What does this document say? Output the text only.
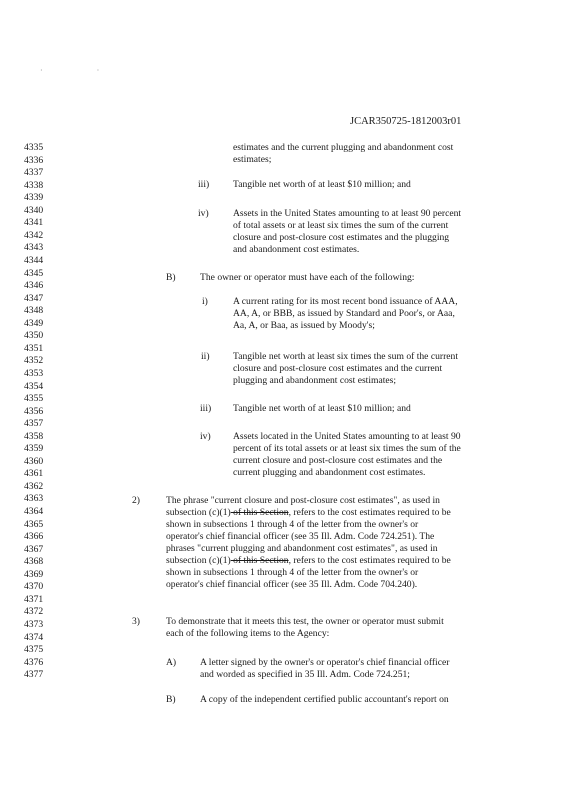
· ·
JCAR350725-1812003r01
4335
4336
4337
4338
4339
4340
4341
4342
4343
4344
4345
4346
4347
4348
4349
4350
4351
4352
4353
4354
4355
4356
4357
4358
4359
4360
4361
4362
4363
4364
4365
4366
4367
4368
4369
4370
4371
4372
4373
4374
4375
4376
4377
estimates and the current plugging and abandonment cost
estimates;
iii) Tangible net worth of at least $10 million; and
iv)	Assets in the United States amounting to at least 90 percent
of total assets or at least six times the sum of the current
closure and post-closure cost estimates and the plugging
and abandonment cost estimates.
B)	The owner or operator must have each of the following:
i)	A current rating for its most recent bond issuance of AAA,
AA, A, or BBB, as issued by Standard and Poor's, or Aaa,
Aa, A, or Baa, as issued by Moody's;
ii) Tangible net worth at least six times the sum of the current
closure and post-closure cost estimates and the current
plugging and abandonment cost estimates;
iii) Tangible net worth of at least $10 million; and
iv) Assets located in the United States amounting to at least 90
percent of its total assets or at least six times the sum of the
current closure and post-closure cost estimates and the
current plugging and abandonment cost estimates.
2)	The phrase "current closure and post-closure cost estimates", as used in
subsection (c)(1) of this Section, refers to the cost estimates required to be
shown in subsections 1 through 4 of the letter from the owner's or
operator's chief financial officer (see 35 Ill. Adm. Code 724.251). The
phrases "current plugging and abandonment cost estimates", as used in
subsection (c)(1) of this Section, refers to the cost estimates required to be
shown in subsections 1 through 4 of the letter from the owner's or
operator's chief financial officer (see 35 Ill. Adm. Code 704.240).
3)	To demonstrate that it meets this test, the owner or operator must submit
each of the following items to the Agency:
A) A letter signed by the owner's or operator's chief financial officer
and worded as specified in 35 Ill. Adm. Code 724.251;
B)	A copy of the independent certified public accountant's report on
